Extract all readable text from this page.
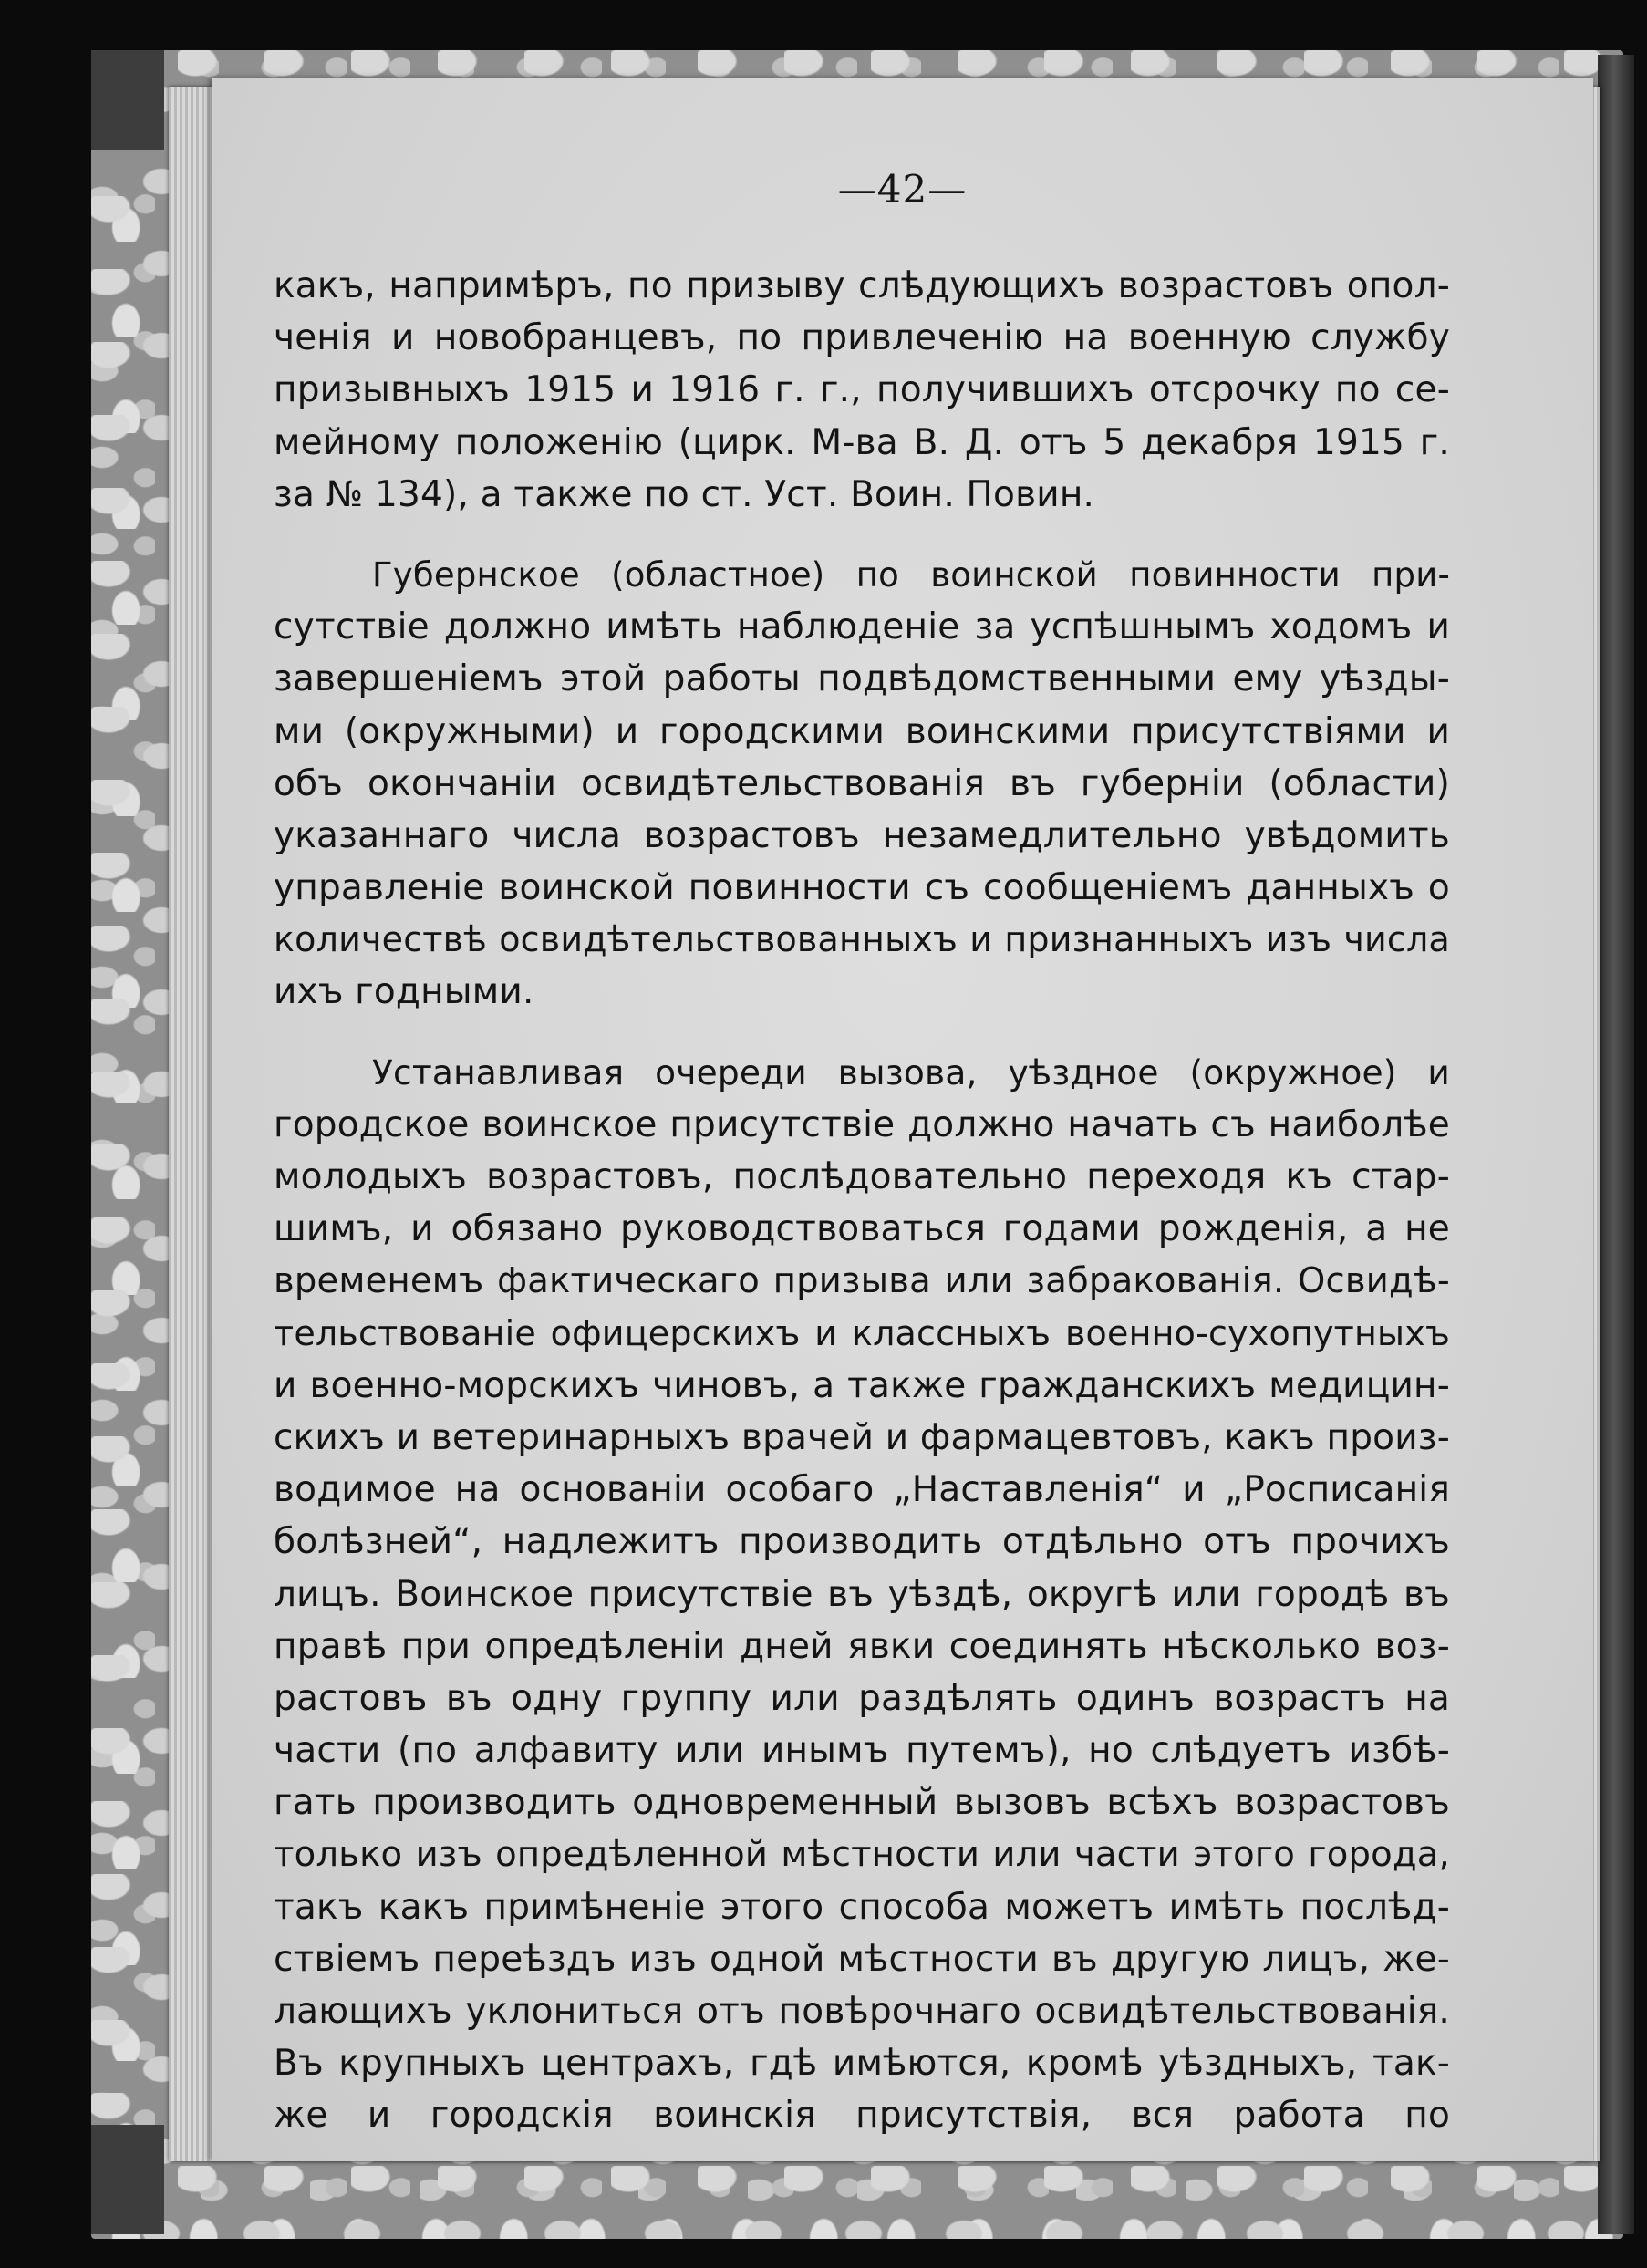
—42—
какъ, напримѣръ, по призыву слѣдующихъ возрастовъ опол-
ченія и новобранцевъ, по привлеченію на военную службу
призывныхъ 1915 и 1916 г. г., получившихъ отсрочку по се-
мейному положенію (цирк. М-ва В. Д. отъ 5 декабря 1915 г.
за № 134), а также по ст. Уст. Воин. Повин.
Губернское (областное) по воинской повинности при-
сутствіе должно имѣть наблюденіе за успѣшнымъ ходомъ и
завершеніемъ этой работы подвѣдомственными ему уѣзды-
ми (окружными) и городскими воинскими присутствіями и
объ окончаніи освидѣтельствованія въ губерніи (области)
указаннаго числа возрастовъ незамедлительно увѣдомить
управленіе воинской повинности съ сообщеніемъ данныхъ о
количествѣ освидѣтельствованныхъ и признанныхъ изъ числа
ихъ годными.
Устанавливая очереди вызова, уѣздное (окружное) и
городское воинское присутствіе должно начать съ наиболѣе
молодыхъ возрастовъ, послѣдовательно переходя къ стар-
шимъ, и обязано руководствоваться годами рожденія, а не
временемъ фактическаго призыва или забракованія. Освидѣ-
тельствованіе офицерскихъ и классныхъ военно-сухопутныхъ
и военно-морскихъ чиновъ, а также гражданскихъ медицин-
скихъ и ветеринарныхъ врачей и фармацевтовъ, какъ произ-
водимое на основаніи особаго „Наставленія“ и „Росписанія
болѣзней“, надлежитъ производить отдѣльно отъ прочихъ
лицъ. Воинское присутствіе въ уѣздѣ, округѣ или городѣ въ
правѣ при опредѣленіи дней явки соединять нѣсколько воз-
растовъ въ одну группу или раздѣлять одинъ возрастъ на
части (по алфавиту или инымъ путемъ), но слѣдуетъ избѣ-
гать производить одновременный вызовъ всѣхъ возрастовъ
только изъ опредѣленной мѣстности или части этого города,
такъ какъ примѣненіе этого способа можетъ имѣть послѣд-
ствіемъ переѣздъ изъ одной мѣстности въ другую лицъ, же-
лающихъ уклониться отъ повѣрочнаго освидѣтельствованія.
Въ крупныхъ центрахъ, гдѣ имѣются, кромѣ уѣздныхъ, так-
же и городскія воинскія присутствія, вся работа по
